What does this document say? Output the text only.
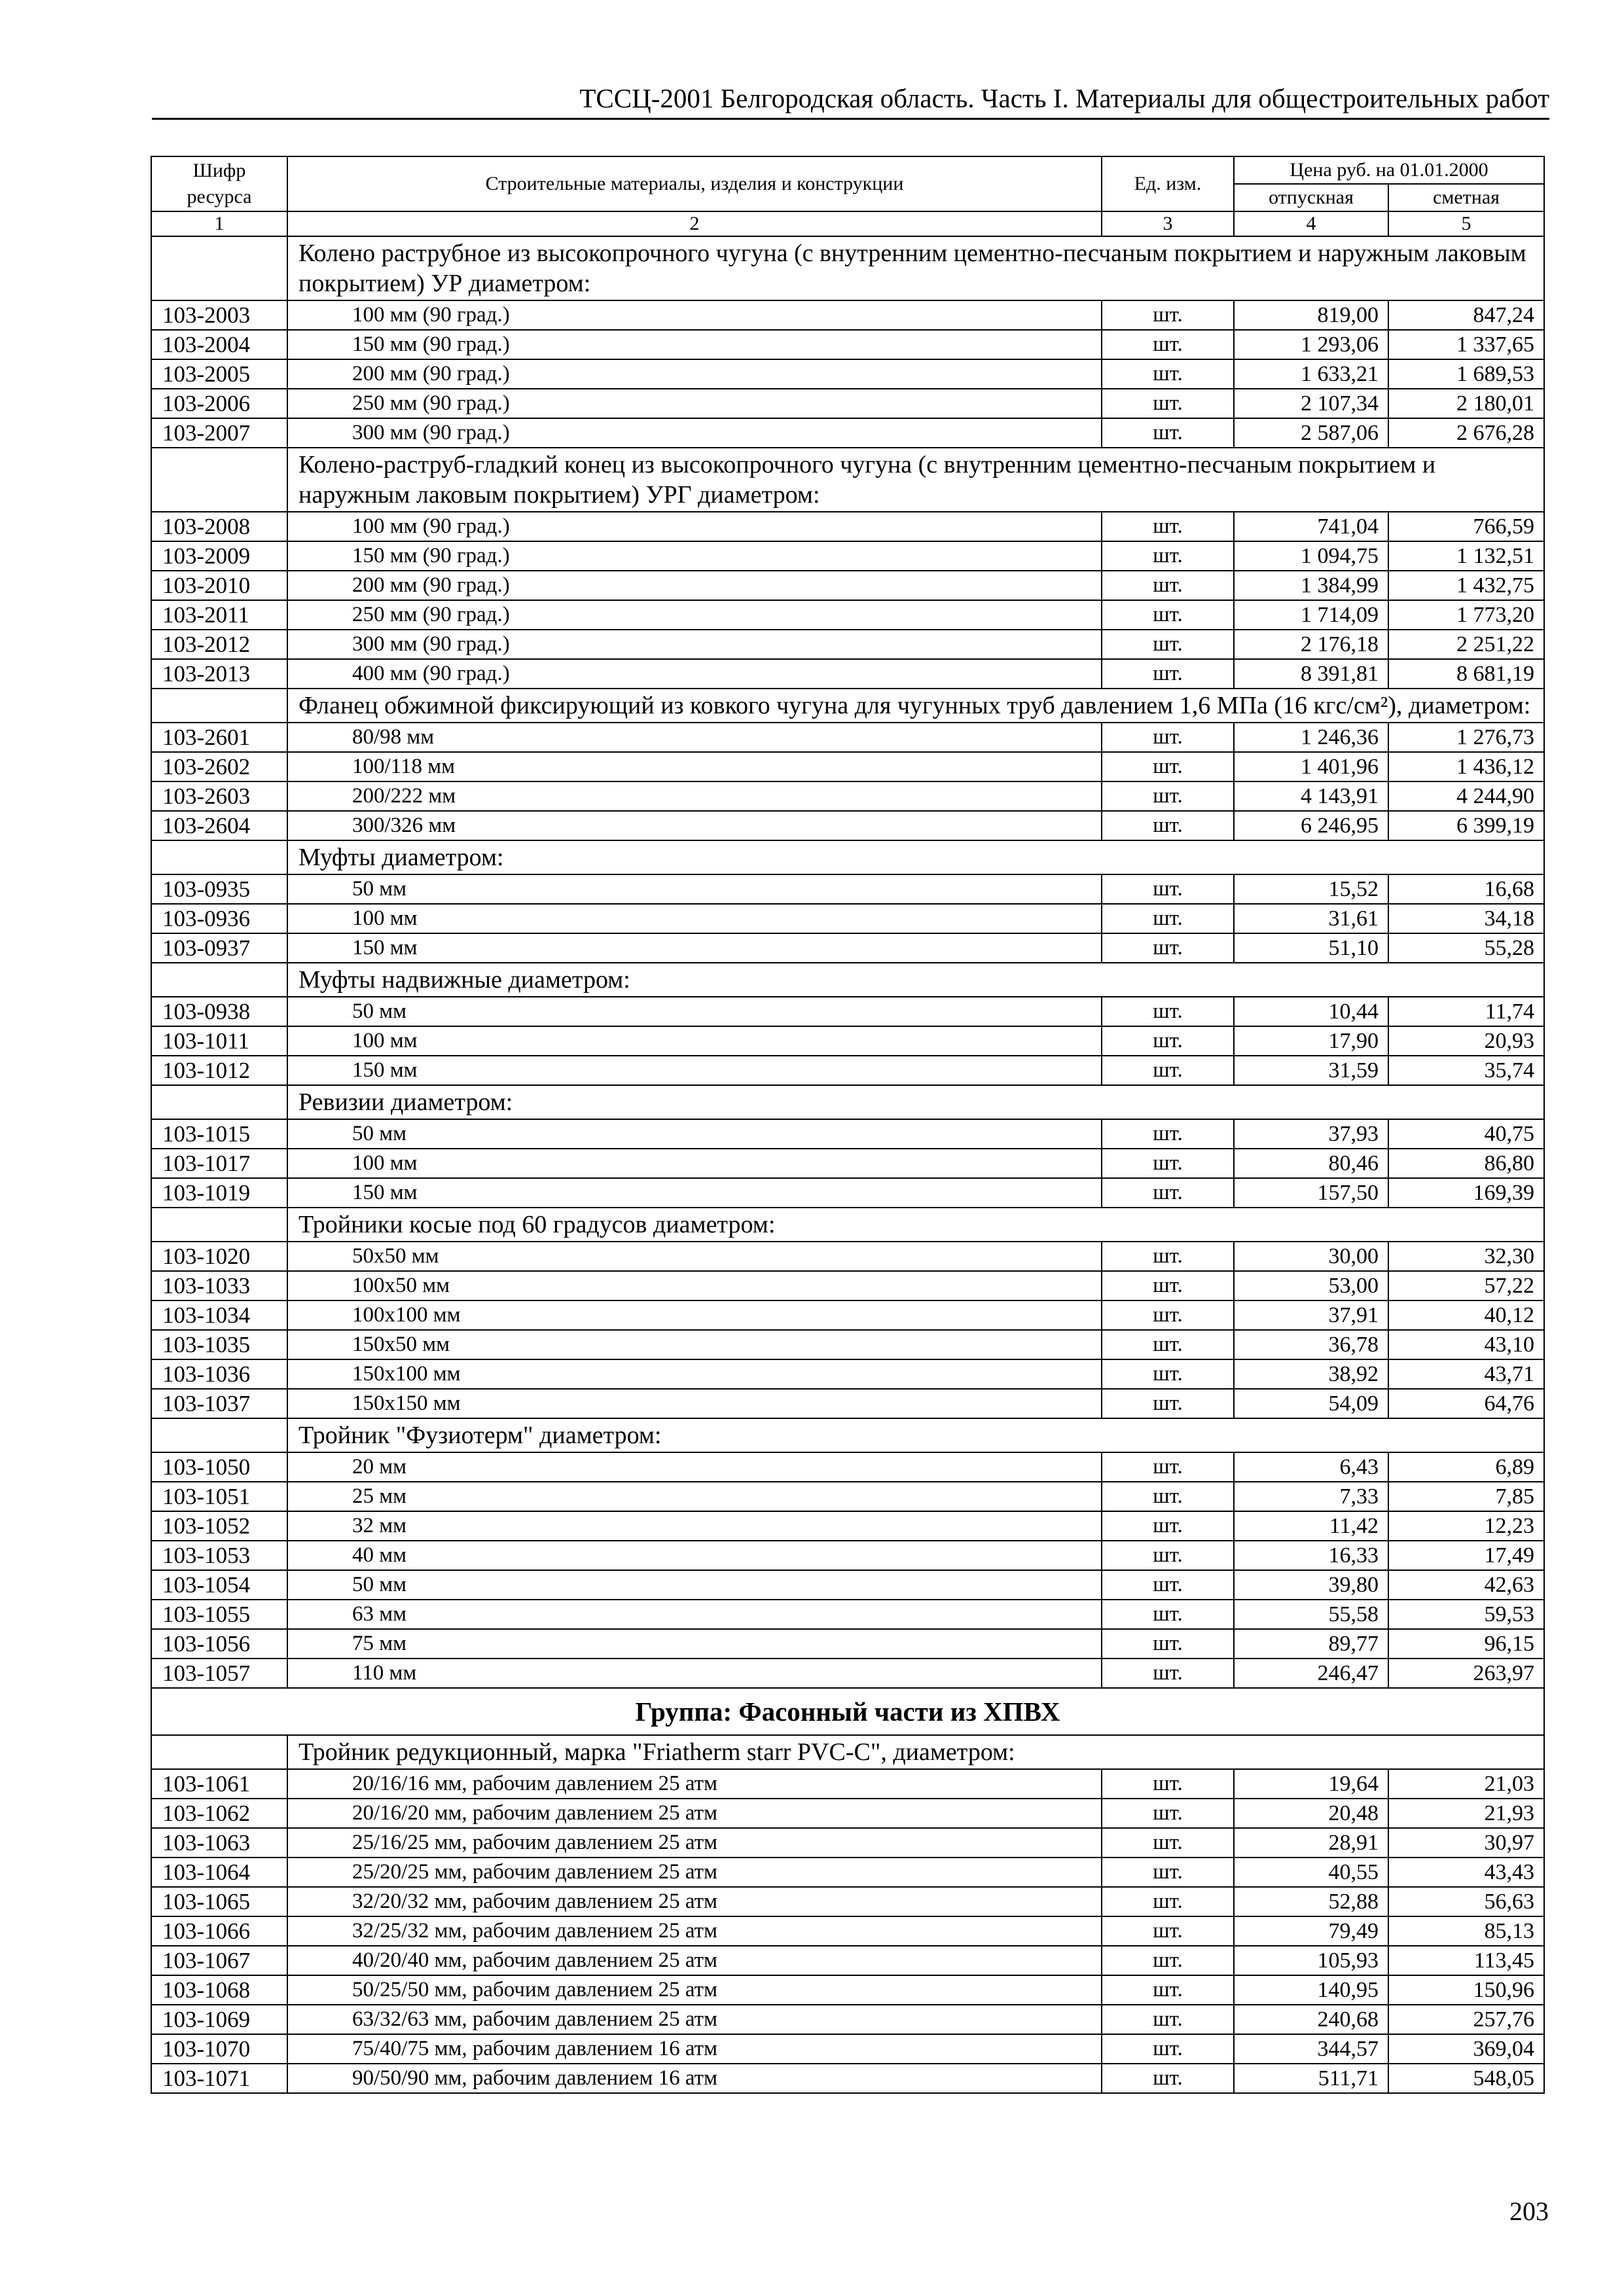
ТССЦ-2001 Белгородская область. Часть I. Материалы для общестроительных работ
Шифр ресурса	Строительные материалы, изделия и конструкции	Ед. изм.	Цена руб. на 01.01.2000	
			отпускная	сметная
1	2	3	4	5
	Колено раструбное из высокопрочного чугуна (с внутренним цементно-песчаным покрытием и наружным лаковым покрытием) УР диаметром:			
103-2003	100 мм (90 град.)	шт.	819,00	847,24
103-2004	150 мм (90 град.)	шт.	1 293,06	1 337,65
103-2005	200 мм (90 град.)	шт.	1 633,21	1 689,53
103-2006	250 мм (90 град.)	шт.	2 107,34	2 180,01
103-2007	300 мм (90 град.)	шт.	2 587,06	2 676,28
	Колено-раструб-гладкий конец из высокопрочного чугуна (с внутренним цементно-песчаным покрытием и наружным лаковым покрытием) УРГ диаметром:			
103-2008	100 мм (90 град.)	шт.	741,04	766,59
103-2009	150 мм (90 град.)	шт.	1 094,75	1 132,51
103-2010	200 мм (90 град.)	шт.	1 384,99	1 432,75
103-2011	250 мм (90 град.)	шт.	1 714,09	1 773,20
103-2012	300 мм (90 град.)	шт.	2 176,18	2 251,22
103-2013	400 мм (90 град.)	шт.	8 391,81	8 681,19
	Фланец обжимной фиксирующий из ковкого чугуна для чугунных труб давлением 1,6 МПа (16 кгс/см²), диаметром:			
103-2601	80/98 мм	шт.	1 246,36	1 276,73
103-2602	100/118 мм	шт.	1 401,96	1 436,12
103-2603	200/222 мм	шт.	4 143,91	4 244,90
103-2604	300/326 мм	шт.	6 246,95	6 399,19
	Муфты диаметром:			
103-0935	50 мм	шт.	15,52	16,68
103-0936	100 мм	шт.	31,61	34,18
103-0937	150 мм	шт.	51,10	55,28
	Муфты надвижные диаметром:			
103-0938	50 мм	шт.	10,44	11,74
103-1011	100 мм	шт.	17,90	20,93
103-1012	150 мм	шт.	31,59	35,74
	Ревизии диаметром:			
103-1015	50 мм	шт.	37,93	40,75
103-1017	100 мм	шт.	80,46	86,80
103-1019	150 мм	шт.	157,50	169,39
	Тройники косые под 60 градусов диаметром:			
103-1020	50х50 мм	шт.	30,00	32,30
103-1033	100х50 мм	шт.	53,00	57,22
103-1034	100х100 мм	шт.	37,91	40,12
103-1035	150х50 мм	шт.	36,78	43,10
103-1036	150х100 мм	шт.	38,92	43,71
103-1037	150х150 мм	шт.	54,09	64,76
	Тройник "Фузиотерм" диаметром:			
103-1050	20 мм	шт.	6,43	6,89
103-1051	25 мм	шт.	7,33	7,85
103-1052	32 мм	шт.	11,42	12,23
103-1053	40 мм	шт.	16,33	17,49
103-1054	50 мм	шт.	39,80	42,63
103-1055	63 мм	шт.	55,58	59,53
103-1056	75 мм	шт.	89,77	96,15
103-1057	110 мм	шт.	246,47	263,97
Группа: Фасонный части из ХПВХ				
	Тройник редукционный, марка "Friatherm starr PVC-C", диаметром:			
103-1061	20/16/16 мм, рабочим давлением 25 атм	шт.	19,64	21,03
103-1062	20/16/20 мм, рабочим давлением 25 атм	шт.	20,48	21,93
103-1063	25/16/25 мм, рабочим давлением 25 атм	шт.	28,91	30,97
103-1064	25/20/25 мм, рабочим давлением 25 атм	шт.	40,55	43,43
103-1065	32/20/32 мм, рабочим давлением 25 атм	шт.	52,88	56,63
103-1066	32/25/32 мм, рабочим давлением 25 атм	шт.	79,49	85,13
103-1067	40/20/40 мм, рабочим давлением 25 атм	шт.	105,93	113,45
103-1068	50/25/50 мм, рабочим давлением 25 атм	шт.	140,95	150,96
103-1069	63/32/63 мм, рабочим давлением 25 атм	шт.	240,68	257,76
103-1070	75/40/75 мм, рабочим давлением 16 атм	шт.	344,57	369,04
103-1071	90/50/90 мм, рабочим давлением 16 атм	шт.	511,71	548,05
203
